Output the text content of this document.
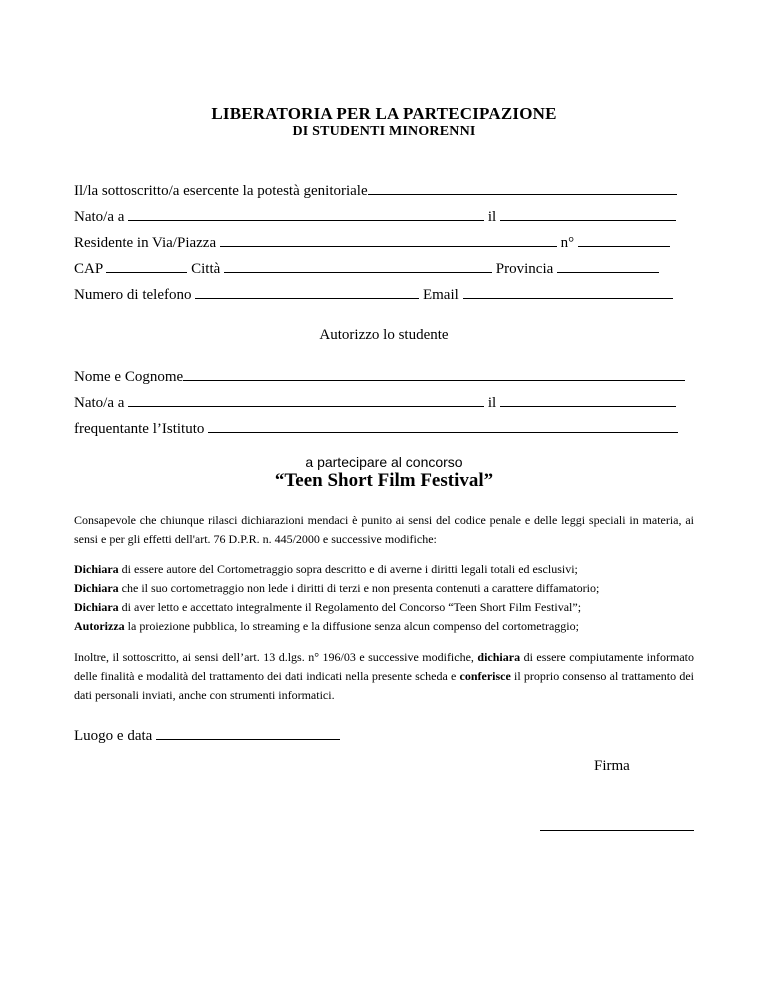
LIBERATORIA PER LA PARTECIPAZIONE
DI STUDENTI MINORENNI
Il/la sottoscritto/a esercente la potestà genitoriale
Nato/a a	il
Residente in Via/Piazza	n°
CAP	Città	Provincia
Numero di telefono	Email
Autorizzo lo studente
Nome e Cognome
Nato/a a	il
frequentante l’Istituto
a partecipare al concorso
“Teen Short Film Festival”
Consapevole che chiunque rilasci dichiarazioni mendaci è punito ai sensi del codice penale e delle leggi speciali in materia, ai sensi e per gli effetti dell'art. 76 D.P.R. n. 445/2000 e successive modifiche:
Dichiara di essere autore del Cortometraggio sopra descritto e di averne i diritti legali totali ed esclusivi;
Dichiara che il suo cortometraggio non lede i diritti di terzi e non presenta contenuti a carattere diffamatorio;
Dichiara di aver letto e accettato integralmente il Regolamento del Concorso “Teen Short Film Festival”;
Autorizza la proiezione pubblica, lo streaming e la diffusione senza alcun compenso del cortometraggio;
Inoltre, il sottoscritto, ai sensi dell’art. 13 d.lgs. n° 196/03 e successive modifiche, dichiara di essere compiutamente informato delle finalità e modalità del trattamento dei dati indicati nella presente scheda e conferisce il proprio consenso al trattamento dei dati personali inviati, anche con strumenti informatici.
Luogo e data
Firma
